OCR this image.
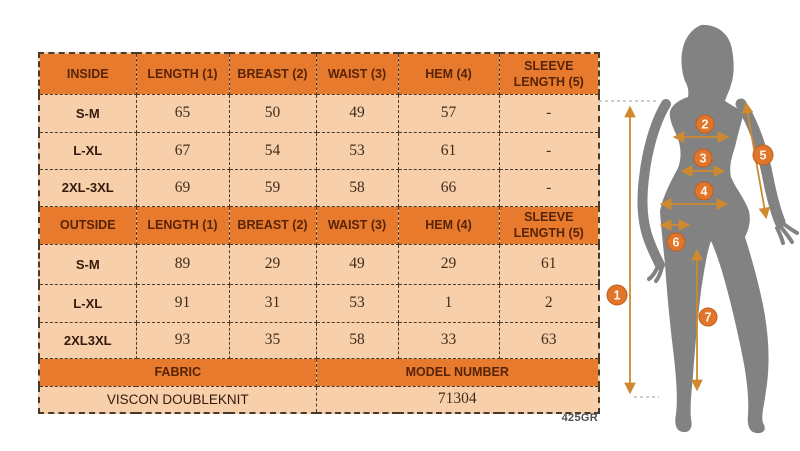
INSIDE	LENGTH (1)	BREAST (2)	WAIST (3)	HEM (4)	SLEEVE LENGTH (5)
S-M	65	50	49	57	-
L-XL	67	54	53	61	-
2XL-3XL	69	59	58	66	-
OUTSIDE	LENGTH (1)	BREAST (2)	WAIST (3)	HEM (4)	SLEEVE LENGTH (5)
S-M	89	29	49	29	61
L-XL	91	31	53	1	2
2XL3XL	93	35	58	33	63
FABRIC			MODEL NUMBER		
VISCON DOUBLEKNIT			71304		
425GR
1
2
3
4
5
6
7
